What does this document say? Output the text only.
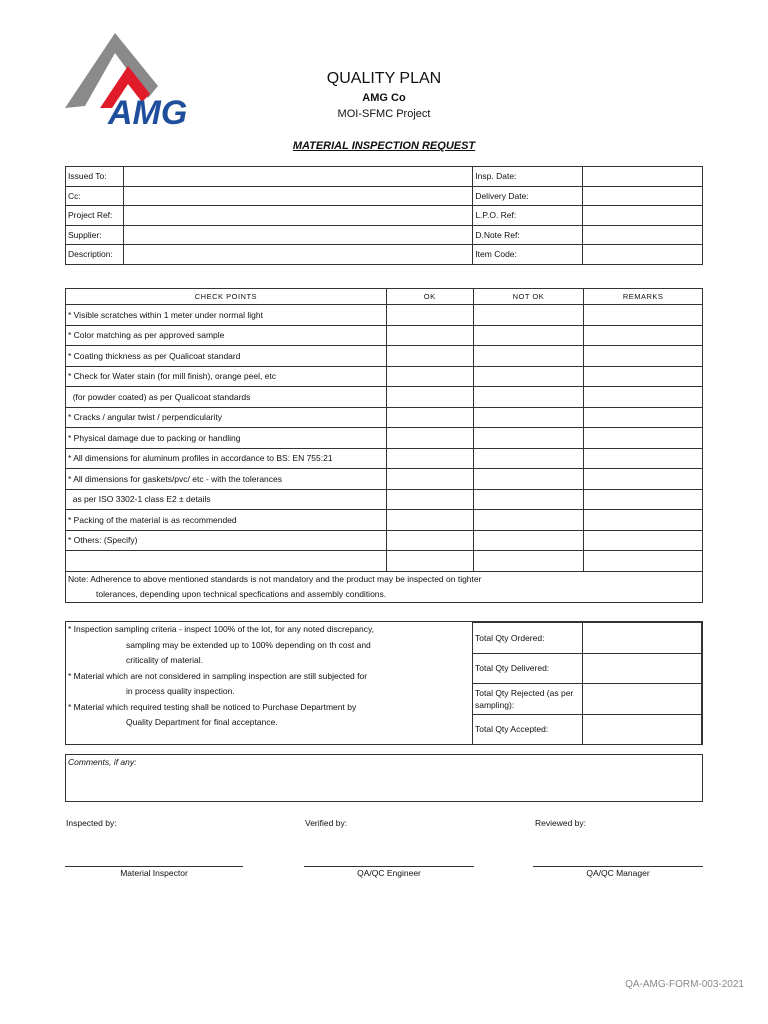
AMG
QUALITY PLAN
AMG Co
MOI-SFMC Project
MATERIAL INSPECTION REQUEST
Issued To:		Insp. Date:	
Cc:		Delivery Date:	
Project Ref:		L.P.O. Ref:	
Supplier:		D.Note Ref:	
Description:		Item Code:	
CHECK POINTS	OK	NOT OK	REMARKS
* Visible scratches within 1 meter under normal light			
* Color matching as per approved sample			
* Coating thickness as per Qualicoat standard			
* Check for Water stain (for mill finish), orange peel, etc			
(for powder coated) as per Qualicoat standards			
* Cracks / angular twist / perpendicularity			
* Physical damage due to packing or handling			
* All dimensions for aluminum profiles in accordance to BS: EN 755:21			
* All dimensions for gaskets/pvc/ etc - with the tolerances			
as per ISO 3302-1 class E2 ± details			
* Packing of the material is as recommended			
* Others: (Specify)			

Note: Adherence to above mentioned standards is not mandatory and the product may be inspected on tighter
tolerances, depending upon technical specfications and assembly conditions.			
* Inspection sampling criteria - inspect 100% of the lot, for any noted discrepancy,
sampling may be extended up to 100% depending on th cost and
criticality of material.
* Material which are not considered in sampling inspection are still subjected for
in process quality inspection.
* Material which required testing shall be noticed to Purchase Department by
Quality Department for final acceptance.
Total Qty Ordered:	
Total Qty Delivered:	
Total Qty Rejected (as per sampling):	
Total Qty Accepted:	
Comments, if any:
Inspected by:	Verified by:	Reviewed by:
Material Inspector	QA/QC Engineer	QA/QC Manager
QA-AMG-FORM-003-2021
